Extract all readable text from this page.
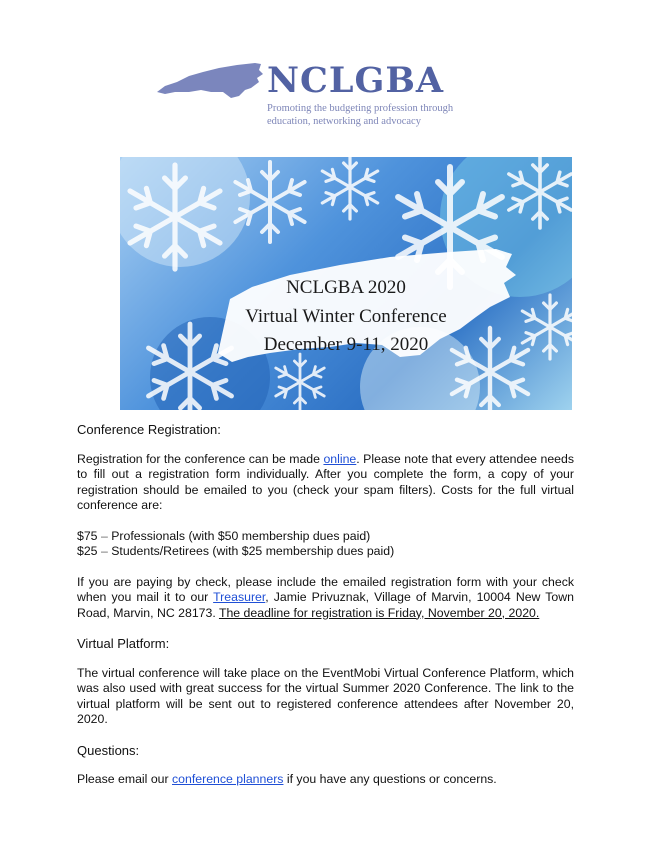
NCLGBA
Promoting the budgeting profession through
education, networking and advocacy
NCLGBA 2020
Virtual Winter Conference
December 9-11, 2020
Conference Registration:
Registration for the conference can be made online. Please note that every attendee needs to fill out a registration form individually. After you complete the form, a copy of your registration should be emailed to you (check your spam filters). Costs for the full virtual conference are:
$75 – Professionals (with $50 membership dues paid)
$25 – Students/Retirees (with $25 membership dues paid)
If you are paying by check, please include the emailed registration form with your check when you mail it to our Treasurer, Jamie Privuznak, Village of Marvin, 10004 New Town Road, Marvin, NC 28173. The deadline for registration is Friday, November 20, 2020.
Virtual Platform:
The virtual conference will take place on the EventMobi Virtual Conference Platform, which was also used with great success for the virtual Summer 2020 Conference. The link to the virtual platform will be sent out to registered conference attendees after November 20, 2020.
Questions:
Please email our conference planners if you have any questions or concerns.
